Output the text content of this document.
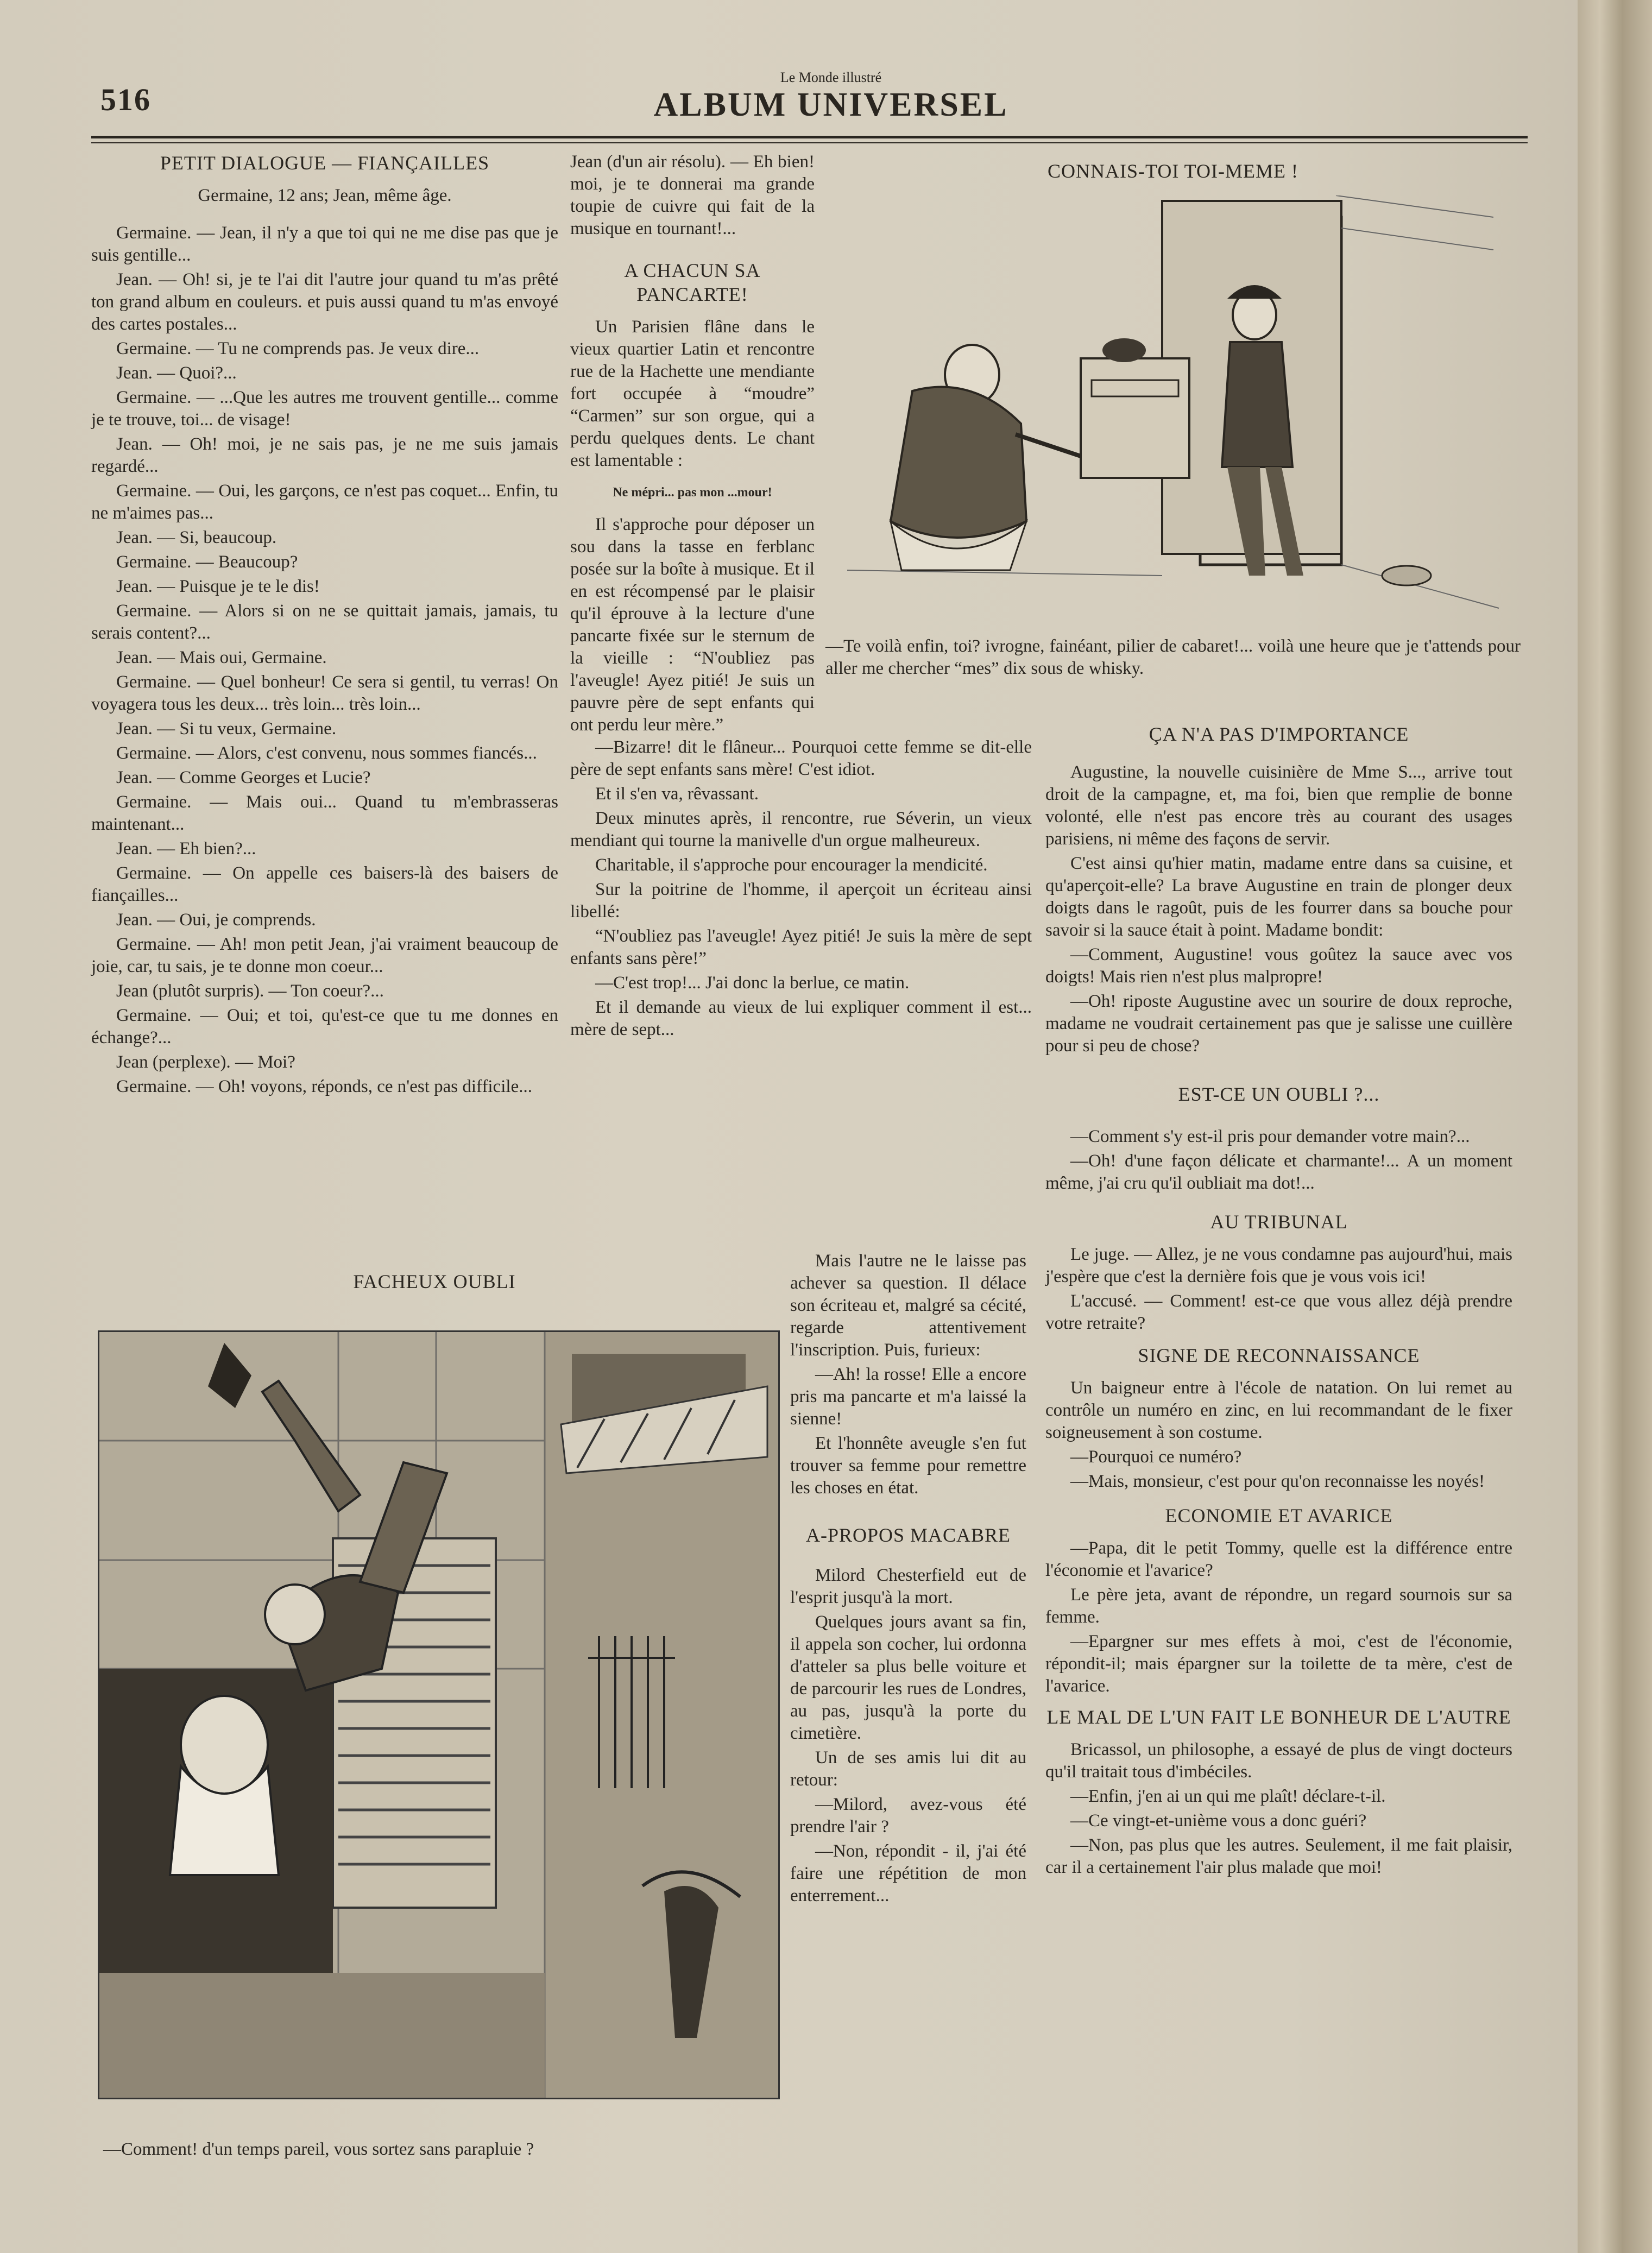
516
Le Monde illustré
ALBUM UNIVERSEL
PETIT DIALOGUE — FIANÇAILLES

Germaine, 12 ans; Jean, même âge.

Germaine. — Jean, il n'y a que toi qui ne me dise pas que je suis gentille...

Jean. — Oh! si, je te l'ai dit l'autre jour quand tu m'as prêté ton grand album en couleurs. et puis aussi quand tu m'as envoyé des cartes postales...

Germaine. — Tu ne comprends pas. Je veux dire...

Jean. — Quoi?...

Germaine. — ...Que les autres me trouvent gentille... comme je te trouve, toi... de visage!

Jean. — Oh! moi, je ne sais pas, je ne me suis jamais regardé...

Germaine. — Oui, les garçons, ce n'est pas coquet... Enfin, tu ne m'aimes pas...

Jean. — Si, beaucoup.

Germaine. — Beaucoup?

Jean. — Puisque je te le dis!

Germaine. — Alors si on ne se quittait jamais, jamais, tu serais content?...

Jean. — Mais oui, Germaine.

Germaine. — Quel bonheur! Ce sera si gentil, tu verras! On voyagera tous les deux... très loin... très loin...

Jean. — Si tu veux, Germaine.

Germaine. — Alors, c'est convenu, nous sommes fiancés...

Jean. — Comme Georges et Lucie?

Germaine. — Mais oui... Quand tu m'embrasseras maintenant...

Jean. — Eh bien?...

Germaine. — On appelle ces baisers-là des baisers de fiançailles...

Jean. — Oui, je comprends.

Germaine. — Ah! mon petit Jean, j'ai vraiment beaucoup de joie, car, tu sais, je te donne mon coeur...

Jean (plutôt surpris). — Ton coeur?...

Germaine. — Oui; et toi, qu'est-ce que tu me donnes en échange?...

Jean (perplexe). — Moi?

Germaine. — Oh! voyons, réponds, ce n'est pas difficile...

Jean (d'un air résolu). — Eh bien! moi, je te donnerai ma grande toupie de cuivre qui fait de la musique en tournant!...

A CHACUN SA PANCARTE!

Un Parisien flâne dans le vieux quartier Latin et rencontre rue de la Hachette une mendiante fort occupée à “moudre” “Carmen” sur son orgue, qui a perdu quelques dents. Le chant est lamentable :

Ne mépri... pas mon ...mour!

Il s'approche pour déposer un sou dans la tasse en ferblanc posée sur la boîte à musique. Et il en est récompensé par le plaisir qu'il éprouve à la lecture d'une pancarte fixée sur le sternum de la vieille : “N'oubliez pas l'aveugle! Ayez pitié! Je suis un pauvre père de sept enfants qui ont perdu leur mère.”

—Bizarre! dit le flâneur... Pourquoi cette femme se dit-elle père de sept enfants sans mère! C'est idiot.

Et il s'en va, rêvassant.

Deux minutes après, il rencontre, rue Séverin, un vieux mendiant qui tourne la manivelle d'un orgue malheureux.

Charitable, il s'approche pour encourager la mendicité.

Sur la poitrine de l'homme, il aperçoit un écriteau ainsi libellé:

“N'oubliez pas l'aveugle! Ayez pitié! Je suis la mère de sept enfants sans père!”

—C'est trop!... J'ai donc la berlue, ce matin.

Et il demande au vieux de lui expliquer comment il est... mère de sept...

Mais l'autre ne le laisse pas achever sa question. Il délace son écriteau et, malgré sa cécité, regarde attentivement l'inscription. Puis, furieux:

—Ah! la rosse! Elle a encore pris ma pancarte et m'a laissé la sienne!

Et l'honnête aveugle s'en fut trouver sa femme pour remettre les choses en état.

A-PROPOS MACABRE

Milord Chesterfield eut de l'esprit jusqu'à la mort.

Quelques jours avant sa fin, il appela son cocher, lui ordonna d'atteler sa plus belle voiture et de parcourir les rues de Londres, au pas, jusqu'à la porte du cimetière.

Un de ses amis lui dit au retour:

—Milord, avez-vous été prendre l'air ?

—Non, répondit - il, j'ai été faire une répétition de mon enterrement...

FACHEUX OUBLI
—Comment! d'un temps pareil, vous sortez sans parapluie ?
CONNAIS-TOI TOI-MEME !
—Te voilà enfin, toi? ivrogne, fainéant, pilier de cabaret!... voilà une heure que je t'attends pour aller me chercher “mes” dix sous de whisky.
ÇA N'A PAS D'IMPORTANCE

Augustine, la nouvelle cuisinière de Mme S..., arrive tout droit de la campagne, et, ma foi, bien que remplie de bonne volonté, elle n'est pas encore très au courant des usages parisiens, ni même des façons de servir.

C'est ainsi qu'hier matin, madame entre dans sa cuisine, et qu'aperçoit-elle? La brave Augustine en train de plonger deux doigts dans le ragoût, puis de les fourrer dans sa bouche pour savoir si la sauce était à point. Madame bondit:

—Comment, Augustine! vous goûtez la sauce avec vos doigts! Mais rien n'est plus malpropre!

—Oh! riposte Augustine avec un sourire de doux reproche, madame ne voudrait certainement pas que je salisse une cuillère pour si peu de chose?

EST-CE UN OUBLI ?...

—Comment s'y est-il pris pour demander votre main?...

—Oh! d'une façon délicate et charmante!... A un moment même, j'ai cru qu'il oubliait ma dot!...

AU TRIBUNAL

Le juge. — Allez, je ne vous condamne pas aujourd'hui, mais j'espère que c'est la dernière fois que je vous vois ici!

L'accusé. — Comment! est-ce que vous allez déjà prendre votre retraite?

SIGNE DE RECONNAISSANCE

Un baigneur entre à l'école de natation. On lui remet au contrôle un numéro en zinc, en lui recommandant de le fixer soigneusement à son costume.

—Pourquoi ce numéro?

—Mais, monsieur, c'est pour qu'on reconnaisse les noyés!

ECONOMIE ET AVARICE

—Papa, dit le petit Tommy, quelle est la différence entre l'économie et l'avarice?

Le père jeta, avant de répondre, un regard sournois sur sa femme.

—Epargner sur mes effets à moi, c'est de l'économie, répondit-il; mais épargner sur la toilette de ta mère, c'est de l'avarice.

LE MAL DE L'UN FAIT LE BONHEUR DE L'AUTRE

Bricassol, un philosophe, a essayé de plus de vingt docteurs qu'il traitait tous d'imbéciles.

—Enfin, j'en ai un qui me plaît! déclare-t-il.

—Ce vingt-et-unième vous a donc guéri?

—Non, pas plus que les autres. Seulement, il me fait plaisir, car il a certainement l'air plus malade que moi!
